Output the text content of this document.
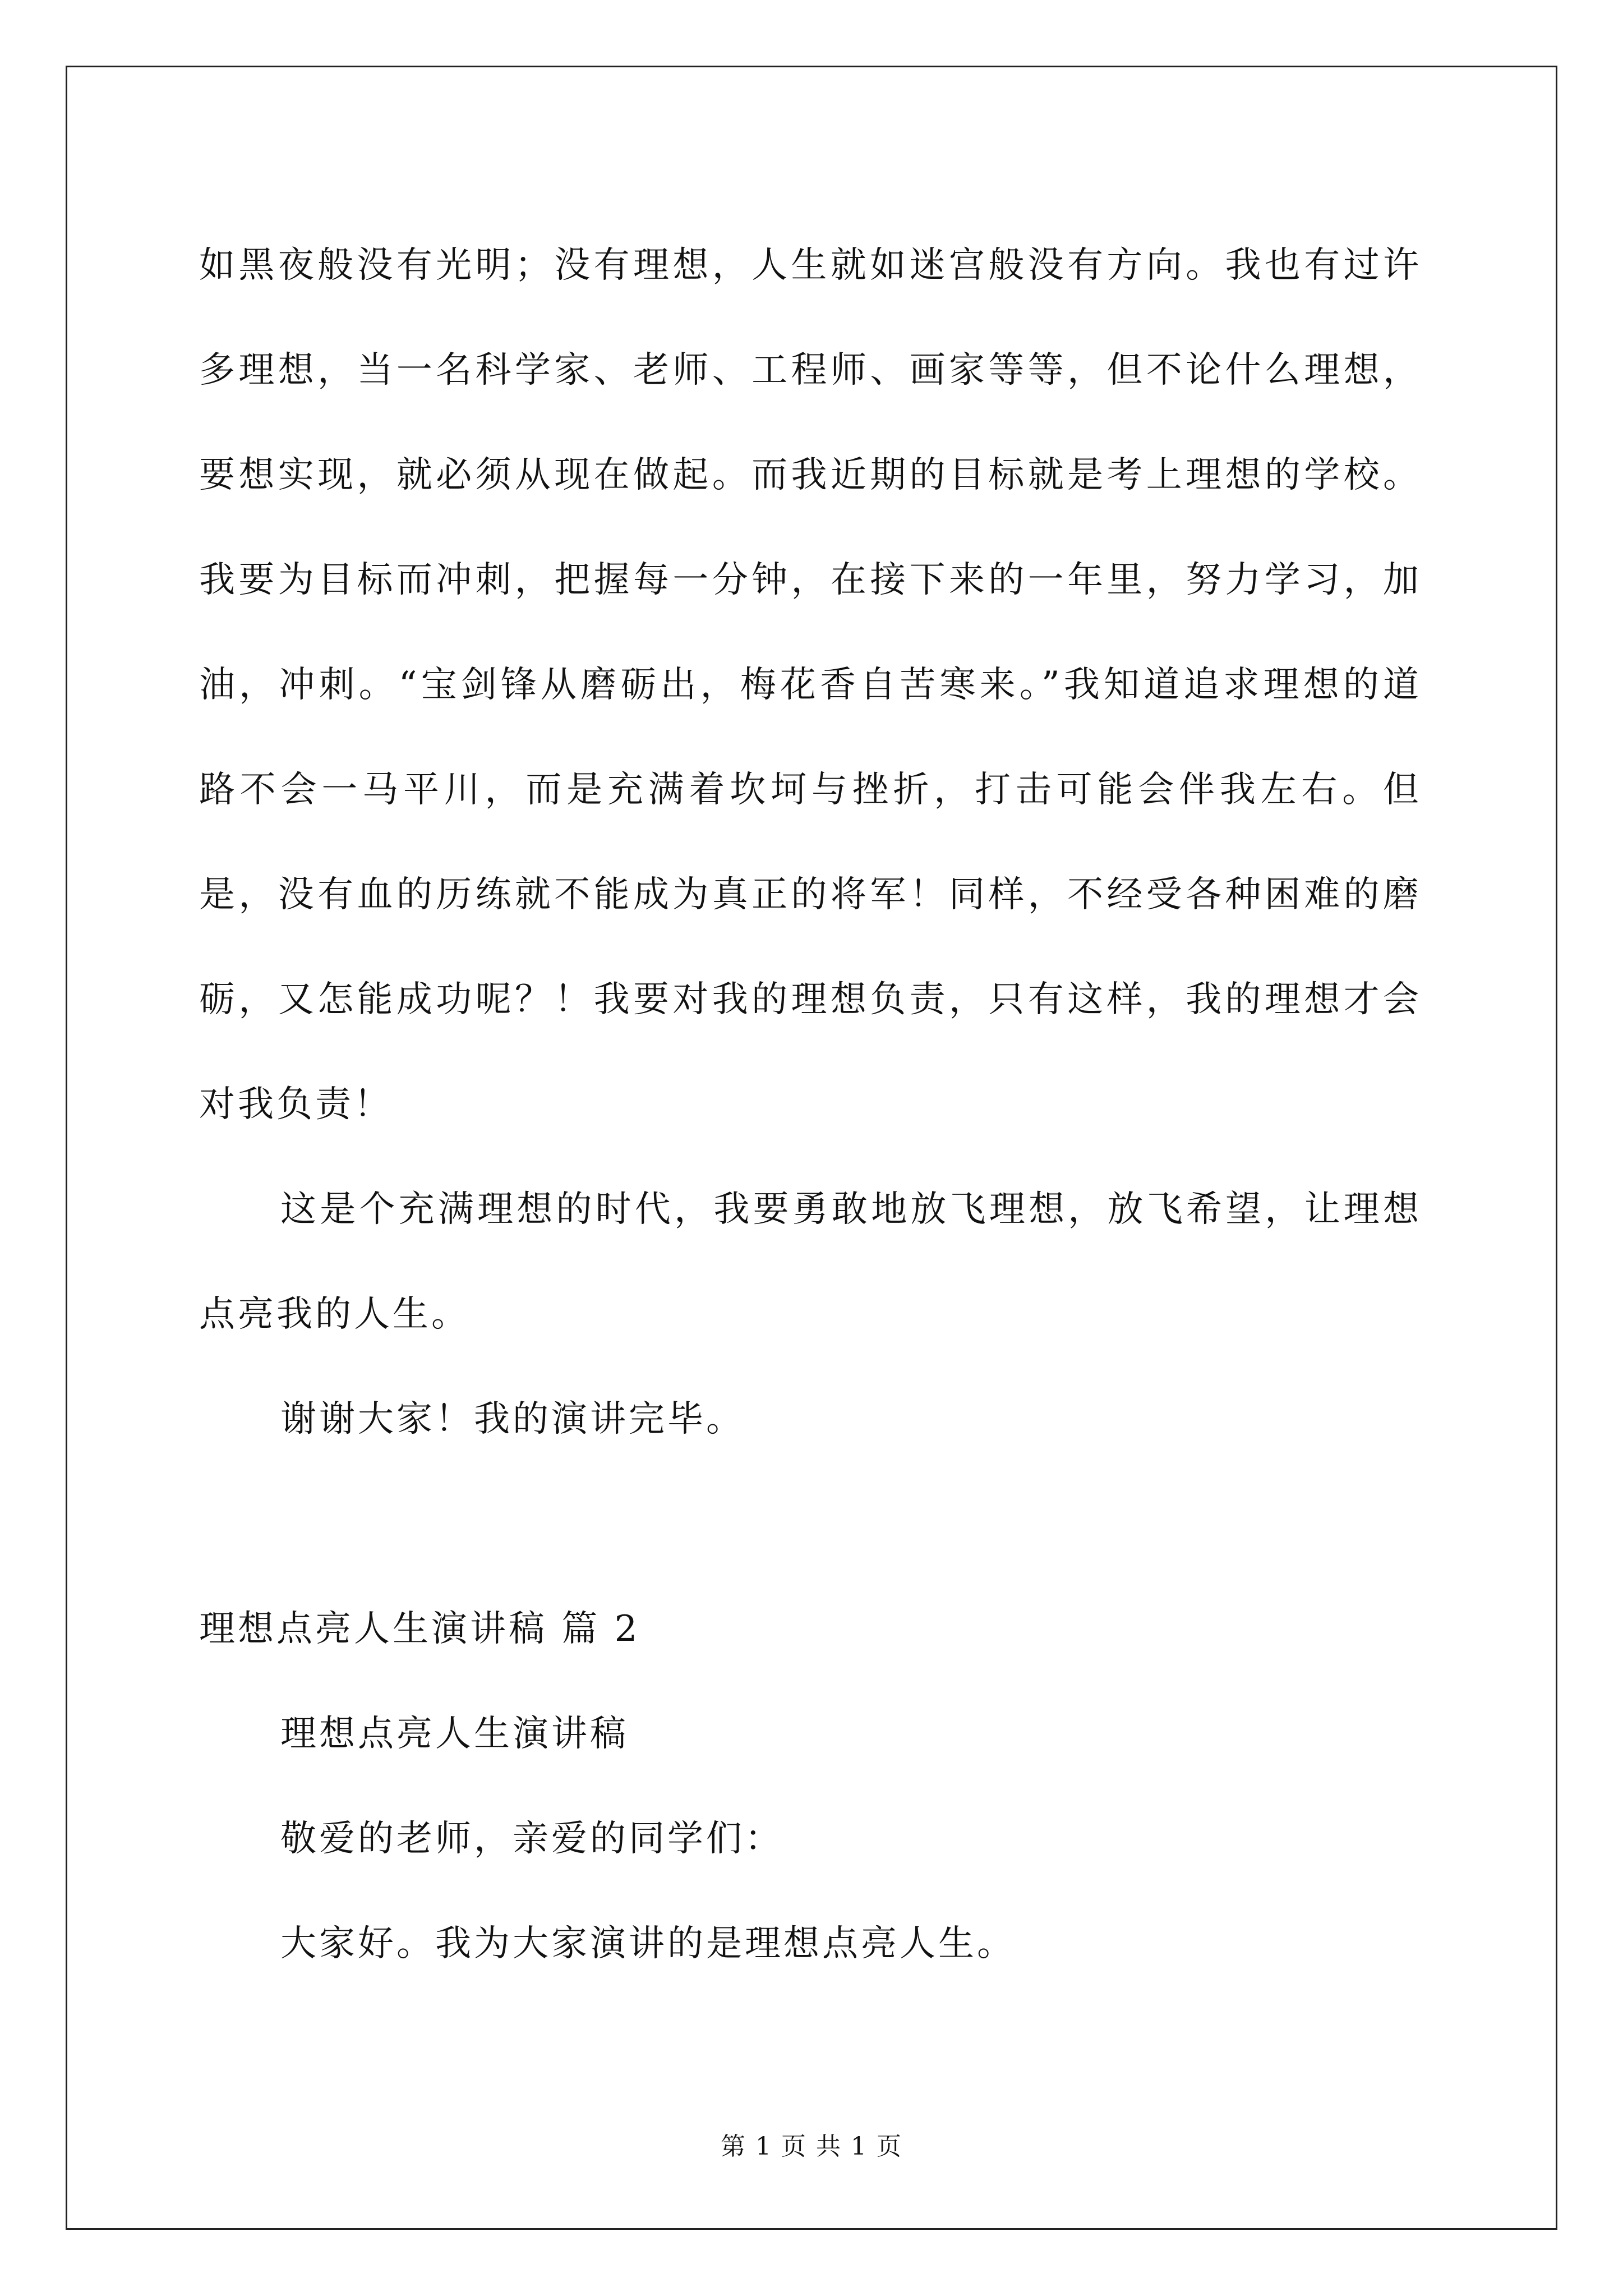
如黑夜般没有光明；没有理想，人生就如迷宫般没有方向。我也有过许多理想，当一名科学家、老师、工程师、画家等等，但不论什么理想，要想实现，就必须从现在做起。而我近期的目标就是考上理想的学校。我要为目标而冲刺，把握每一分钟，在接下来的一年里，努力学习，加油，冲刺。“宝剑锋从磨砺出，梅花香自苦寒来。”我知道追求理想的道路不会一马平川，而是充满着坎坷与挫折，打击可能会伴我左右。但是，没有血的历练就不能成为真正的将军！同样，不经受各种困难的磨砺，又怎能成功呢？！我要对我的理想负责，只有这样，我的理想才会对我负责！

这是个充满理想的时代，我要勇敢地放飞理想，放飞希望，让理想点亮我的人生。

谢谢大家！我的演讲完毕。

理想点亮人生演讲稿 篇 2

理想点亮人生演讲稿

敬爱的老师，亲爱的同学们：

大家好。我为大家演讲的是理想点亮人生。

第 1 页 共 1 页
